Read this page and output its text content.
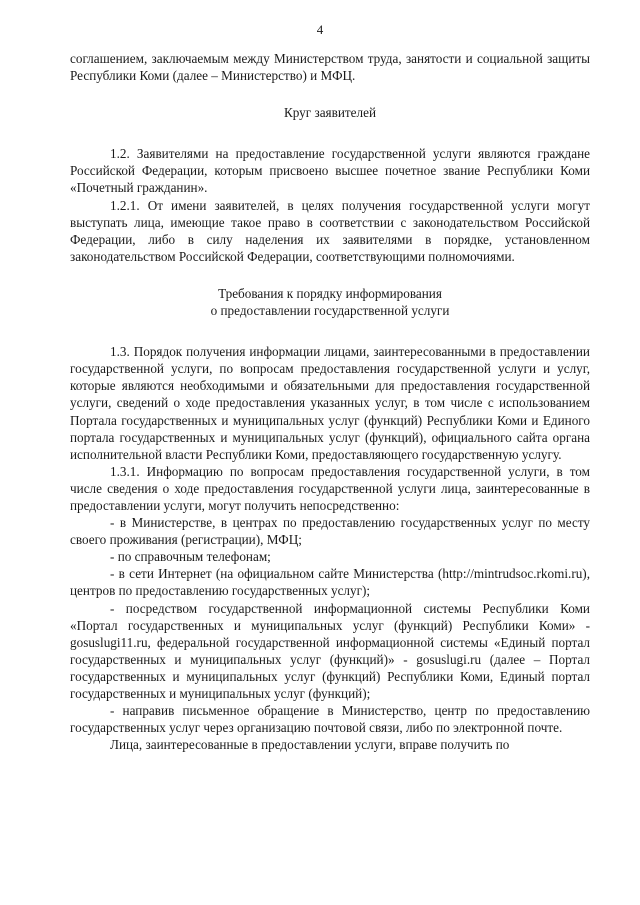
4

соглашением, заключаемым между Министерством труда, занятости и социальной защиты Республики Коми (далее – Министерство) и МФЦ.

Круг заявителей

1.2. Заявителями на предоставление государственной услуги являются граждане Российской Федерации, которым присвоено высшее почетное звание Республики Коми «Почетный гражданин».

1.2.1. От имени заявителей, в целях получения государственной услуги могут выступать лица, имеющие такое право в соответствии с законодательством Российской Федерации, либо в силу наделения их заявителями в порядке, установленном законодательством Российской Федерации, соответствующими полномочиями.

Требования к порядку информирования

о предоставлении государственной услуги

1.3. Порядок получения информации лицами, заинтересованными в предоставлении государственной услуги, по вопросам предоставления государственной услуги и услуг, которые являются необходимыми и обязательными для предоставления государственной услуги, сведений о ходе предоставления указанных услуг, в том числе с использованием Портала государственных и муниципальных услуг (функций) Республики Коми и Единого портала государственных и муниципальных услуг (функций), официального сайта органа исполнительной власти Республики Коми, предоставляющего государственную услугу.

1.3.1. Информацию по вопросам предоставления государственной услуги, в том числе сведения о ходе предоставления государственной услуги лица, заинтересованные в предоставлении услуги, могут получить непосредственно:

- в Министерстве, в центрах по предоставлению государственных услуг по месту своего проживания (регистрации), МФЦ;

- по справочным телефонам;

- в сети Интернет (на официальном сайте Министерства (http://mintrudsoc.rkomi.ru), центров по предоставлению государственных услуг);

- посредством государственной информационной системы Республики Коми «Портал государственных и муниципальных услуг (функций) Республики Коми» - gosuslugi11.ru, федеральной государственной информационной системы «Единый портал государственных и муниципальных услуг (функций)» - gosuslugi.ru (далее – Портал государственных и муниципальных услуг (функций) Республики Коми, Единый портал государственных и муниципальных услуг (функций);

- направив письменное обращение в Министерство, центр по предоставлению государственных услуг через организацию почтовой связи, либо по электронной почте.

Лица, заинтересованные в предоставлении услуги, вправе получить по
